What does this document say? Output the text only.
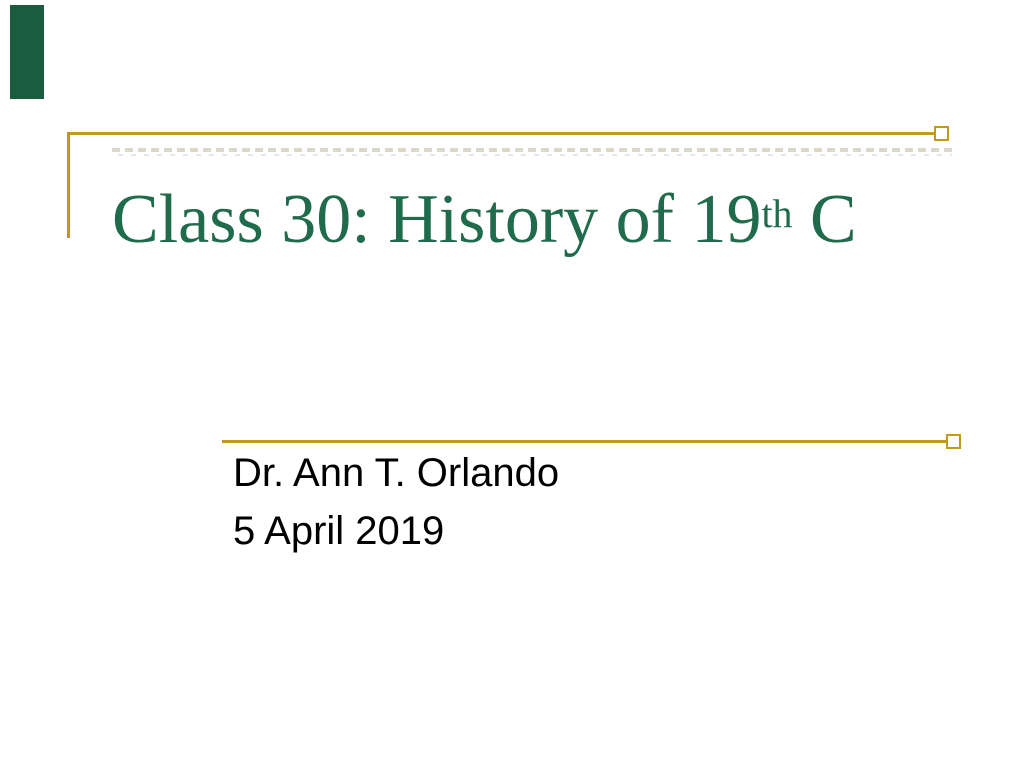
Class 30: History of 19th C

Dr. Ann T. Orlando

5 April 2019
